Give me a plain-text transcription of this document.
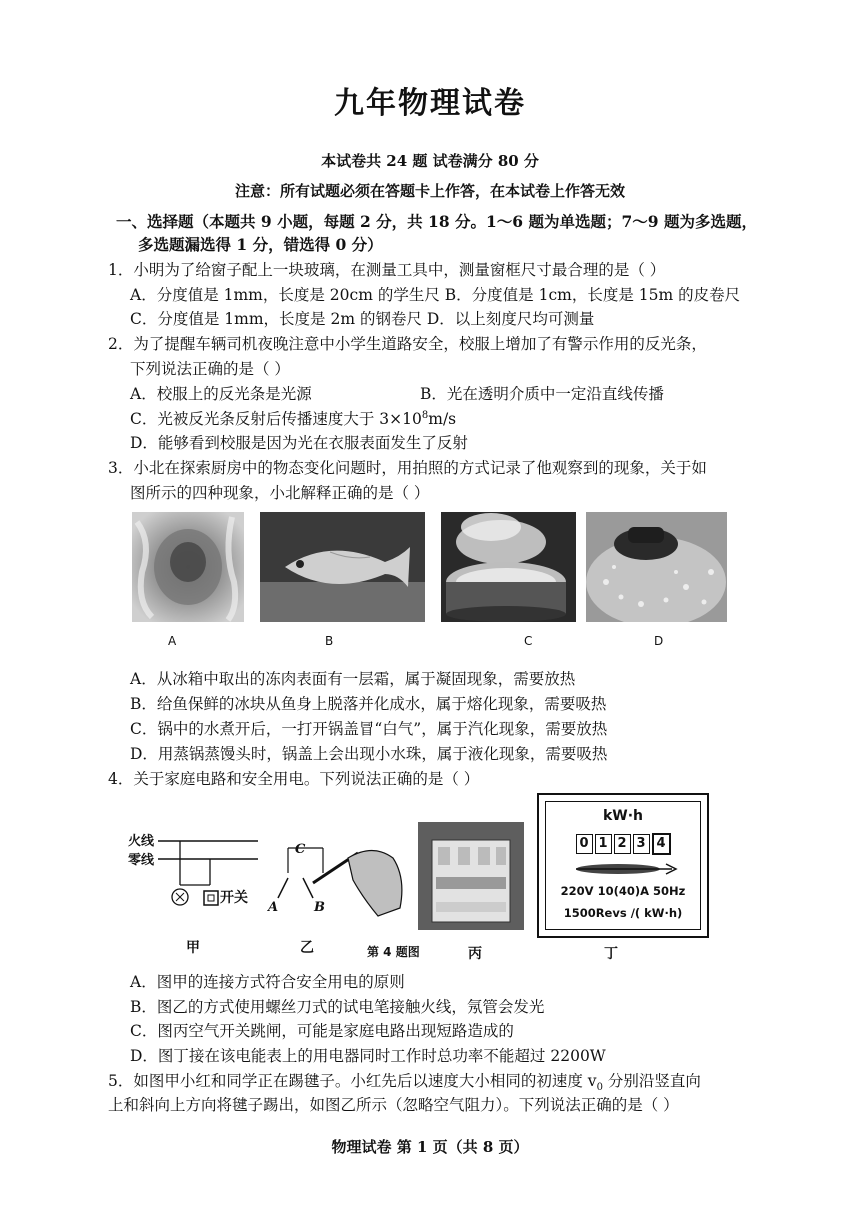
九年物理试卷
本试卷共 24 题 试卷满分 80 分
注意：所有试题必须在答题卡上作答，在本试卷上作答无效
一、选择题（本题共 9 小题，每题 2 分，共 18 分。1～6 题为单选题；7～9 题为多选题，
多选题漏选得 1 分，错选得 0 分）
1．小明为了给窗子配上一块玻璃，在测量工具中，测量窗框尺寸最合理的是（ ）
A．分度值是 1mm，长度是 20cm 的学生尺 B．分度值是 1cm，长度是 15m 的皮卷尺
C．分度值是 1mm，长度是 2m 的钢卷尺 D．以上刻度尺均可测量
2．为了提醒车辆司机夜晚注意中小学生道路安全，校服上增加了有警示作用的反光条，
下列说法正确的是（ ）
A．校服上的反光条是光源	B．光在透明介质中一定沿直线传播
C．光被反光条反射后传播速度大于 $3\times 10^8m/s$
D．能够看到校服是因为光在衣服表面发生了反射
3．小北在探索厨房中的物态变化问题时，用拍照的方式记录了他观察到的现象，关于如
图所示的四种现象，小北解释正确的是（ ）
A	B	C	D
A．从冰箱中取出的冻肉表面有一层霜，属于凝固现象，需要放热
B．给鱼保鲜的冰块从鱼身上脱落并化成水，属于熔化现象，需要吸热
C．锅中的水煮开后，一打开锅盖冒“白气”，属于汽化现象，需要放热
D．用蒸锅蒸馒头时，锅盖上会出现小水珠，属于液化现象，需要吸热
4．关于家庭电路和安全用电。下列说法正确的是（ ）
火线
零线
开关
C
A	B
kW·h
0 1 2 3 4
220V 10(40)A 50Hz
1500Revs /( kW·h)
甲	乙	第 4 题图	丙	丁
A．图甲的连接方式符合安全用电的原则
B．图乙的方式使用螺丝刀式的试电笔接触火线，氖管会发光
C．图丙空气开关跳闸，可能是家庭电路出现短路造成的
D．图丁接在该电能表上的用电器同时工作时总功率不能超过 2200W
5．如图甲小红和同学正在踢毽子。小红先后以速度大小相同的初速度 $v_0$ 分别沿竖直向
上和斜向上方向将毽子踢出，如图乙所示（忽略空气阻力）。下列说法正确的是（ ）
物理试卷 第 1 页（共 8 页）
